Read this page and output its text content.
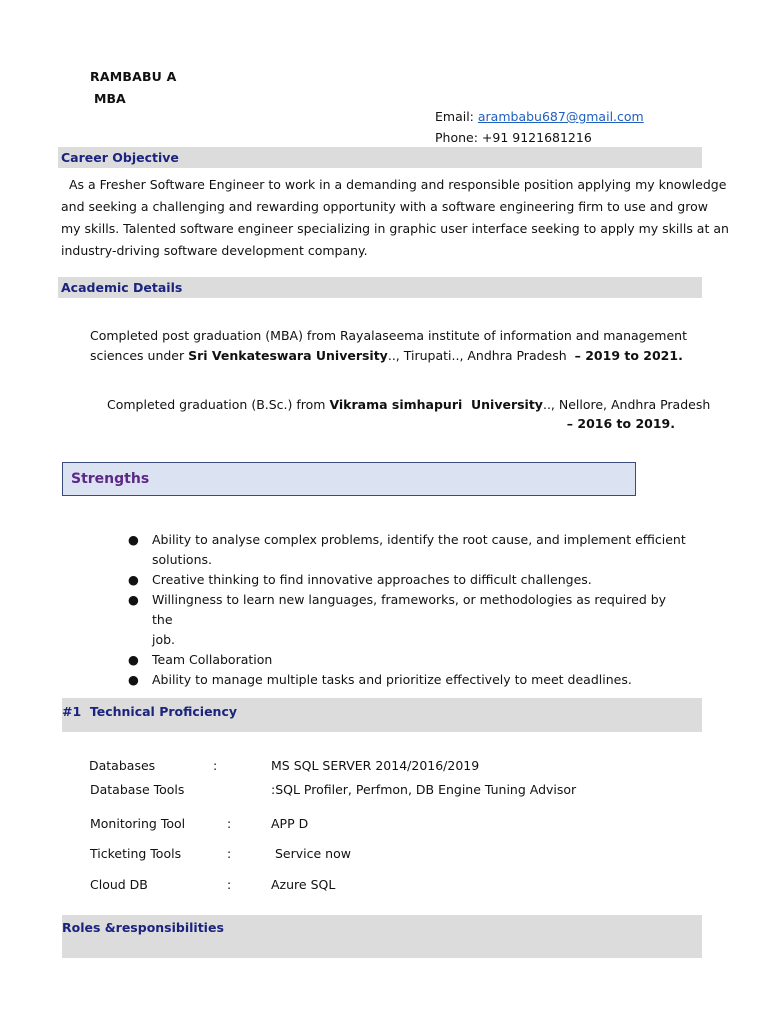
RAMBABU A
MBA
Email: arambabu687@gmail.com
Phone: +91 9121681216
Career Objective
As a Fresher Software Engineer to work in a demanding and responsible position applying my knowledge
and seeking a challenging and rewarding opportunity with a software engineering firm to use and grow
my skills. Talented software engineer specializing in graphic user interface seeking to apply my skills at an
industry-driving software development company.
Academic Details
Completed post graduation (MBA) from Rayalaseema institute of information and management
sciences under Sri Venkateswara University.., Tirupati.., Andhra Pradesh  – 2019 to 2021.
Completed graduation (B.Sc.) from Vikrama simhapuri  University.., Nellore, Andhra Pradesh
– 2016 to 2019.
Strengths
● Ability to analyse complex problems, identify the root cause, and implement efficient
solutions.
● Creative thinking to find innovative approaches to difficult challenges.
● Willingness to learn new languages, frameworks, or methodologies as required by the
job.
● Team Collaboration
● Ability to manage multiple tasks and prioritize effectively to meet deadlines.
#1  Technical Proficiency
Databases	:	MS SQL SERVER 2014/2016/2019
Database Tools	:SQL Profiler, Perfmon, DB Engine Tuning Advisor
Monitoring Tool	:	APP D
Ticketing Tools	:	Service now
Cloud DB	:	Azure SQL
Roles &responsibilities
